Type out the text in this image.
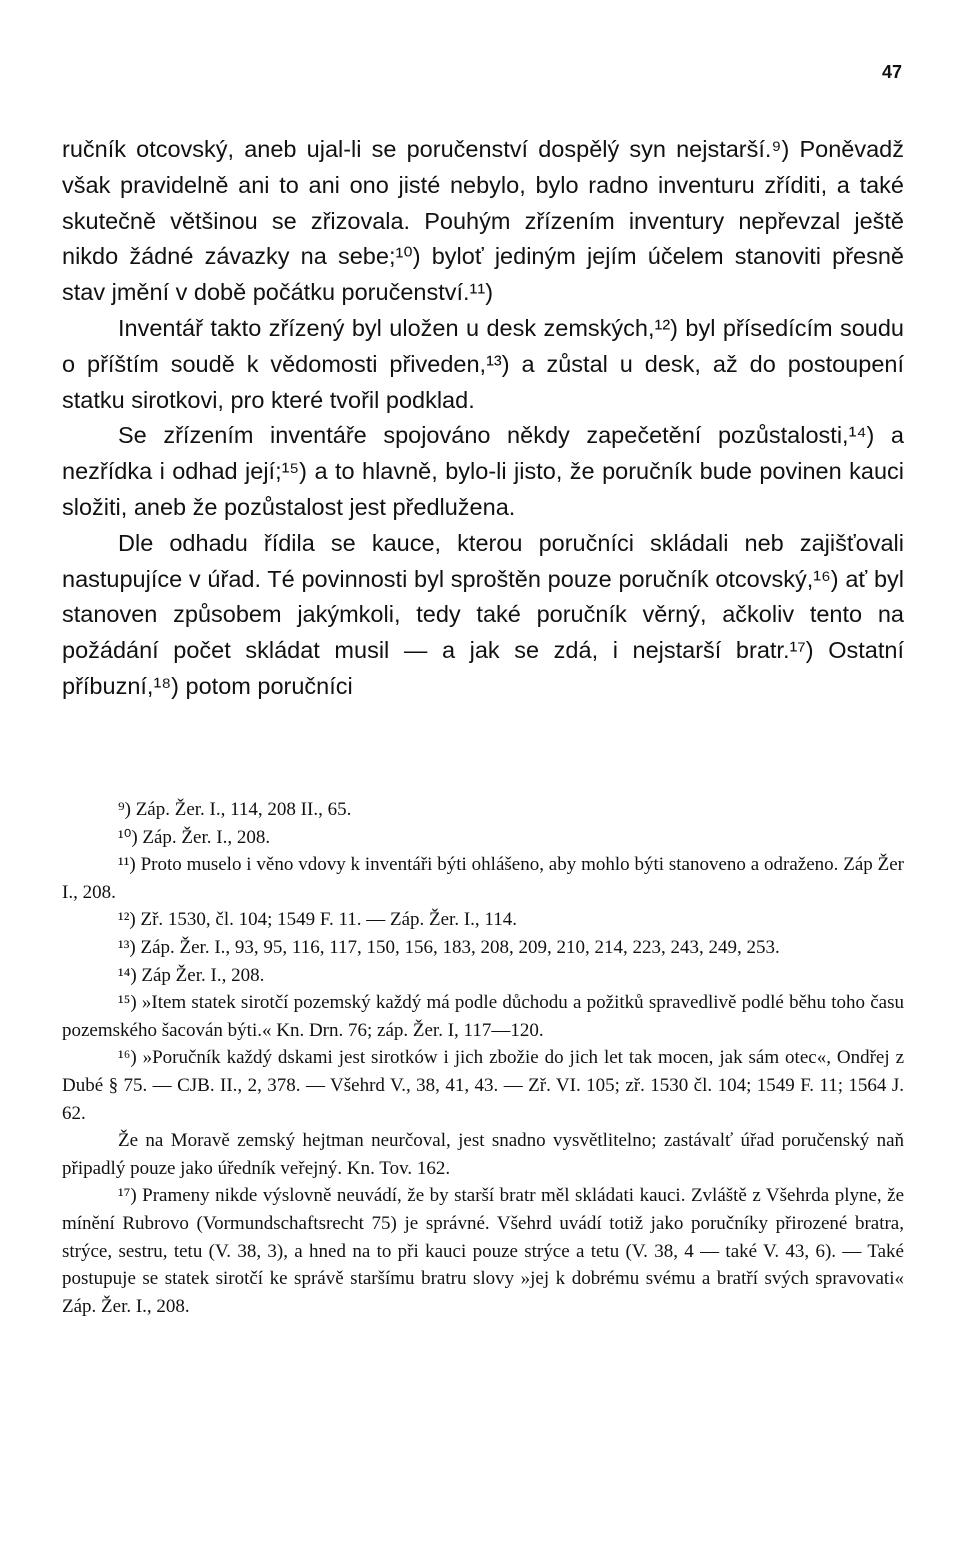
47

ručník otcovský, aneb ujal-li se poručenství dospělý syn nejstarší.⁹) Poněvadž však pravidelně ani to ani ono jisté nebylo, bylo radno inventuru zříditi, a také skutečně většinou se zřizovala. Pouhým zřízením inventury nepřevzal ještě nikdo žádné závazky na sebe;¹⁰) byloť jediným jejím účelem stanoviti přesně stav jmění v době počátku poručenství.¹¹)

Inventář takto zřízený byl uložen u desk zemských,¹²) byl přísedícím soudu o příštím soudě k vědomosti přiveden,¹³) a zůstal u desk, až do postoupení statku sirotkovi, pro které tvořil podklad.

Se zřízením inventáře spojováno někdy zapečetění pozůstalosti,¹⁴) a nezřídka i odhad její;¹⁵) a to hlavně, bylo-li jisto, že poručník bude povinen kauci složiti, aneb že pozůstalost jest předlužena.

Dle odhadu řídila se kauce, kterou poručníci skládali neb zajišťovali nastupujíce v úřad. Té povinnosti byl sproštěn pouze poručník otcovský,¹⁶) ať byl stanoven způsobem jakýmkoli, tedy také poručník věrný, ačkoliv tento na požádání počet skládat musil — a jak se zdá, i nejstarší bratr.¹⁷) Ostatní příbuzní,¹⁸) potom poručníci

⁹) Záp. Žer. I., 114, 208 II., 65.

¹⁰) Záp. Žer. I., 208.

¹¹) Proto muselo i věno vdovy k inventáři býti ohlášeno, aby mohlo býti stanoveno a odraženo. Záp Žer I., 208.

¹²) Zř. 1530, čl. 104; 1549 F. 11. — Záp. Žer. I., 114.

¹³) Záp. Žer. I., 93, 95, 116, 117, 150, 156, 183, 208, 209, 210, 214, 223, 243, 249, 253.

¹⁴) Záp Žer. I., 208.

¹⁵) »Item statek sirotčí pozemský každý má podle důchodu a požitků spravedlivě podlé běhu toho času pozemského šacován býti.« Kn. Drn. 76; záp. Žer. I, 117—120.

¹⁶) »Poručník každý dskami jest sirotków i jich zbožie do jich let tak mocen, jak sám otec«, Ondřej z Dubé § 75. — CJB. II., 2, 378. — Všehrd V., 38, 41, 43. — Zř. VI. 105; zř. 1530 čl. 104; 1549 F. 11; 1564 J. 62.

Že na Moravě zemský hejtman neurčoval, jest snadno vysvětlitelno; zastávalť úřad poručenský naň připadlý pouze jako úředník veřejný. Kn. Tov. 162.

¹⁷) Prameny nikde výslovně neuvádí, že by starší bratr měl skládati kauci. Zvláště z Všehrda plyne, že mínění Rubrovo (Vormundschaftsrecht 75) je správné. Všehrd uvádí totiž jako poručníky přirozené bratra, strýce, sestru, tetu (V. 38, 3), a hned na to při kauci pouze strýce a tetu (V. 38, 4 — také V. 43, 6). — Také postupuje se statek sirotčí ke správě staršímu bratru slovy »jej k dobrému svému a bratří svých spravovati« Záp. Žer. I., 208.
